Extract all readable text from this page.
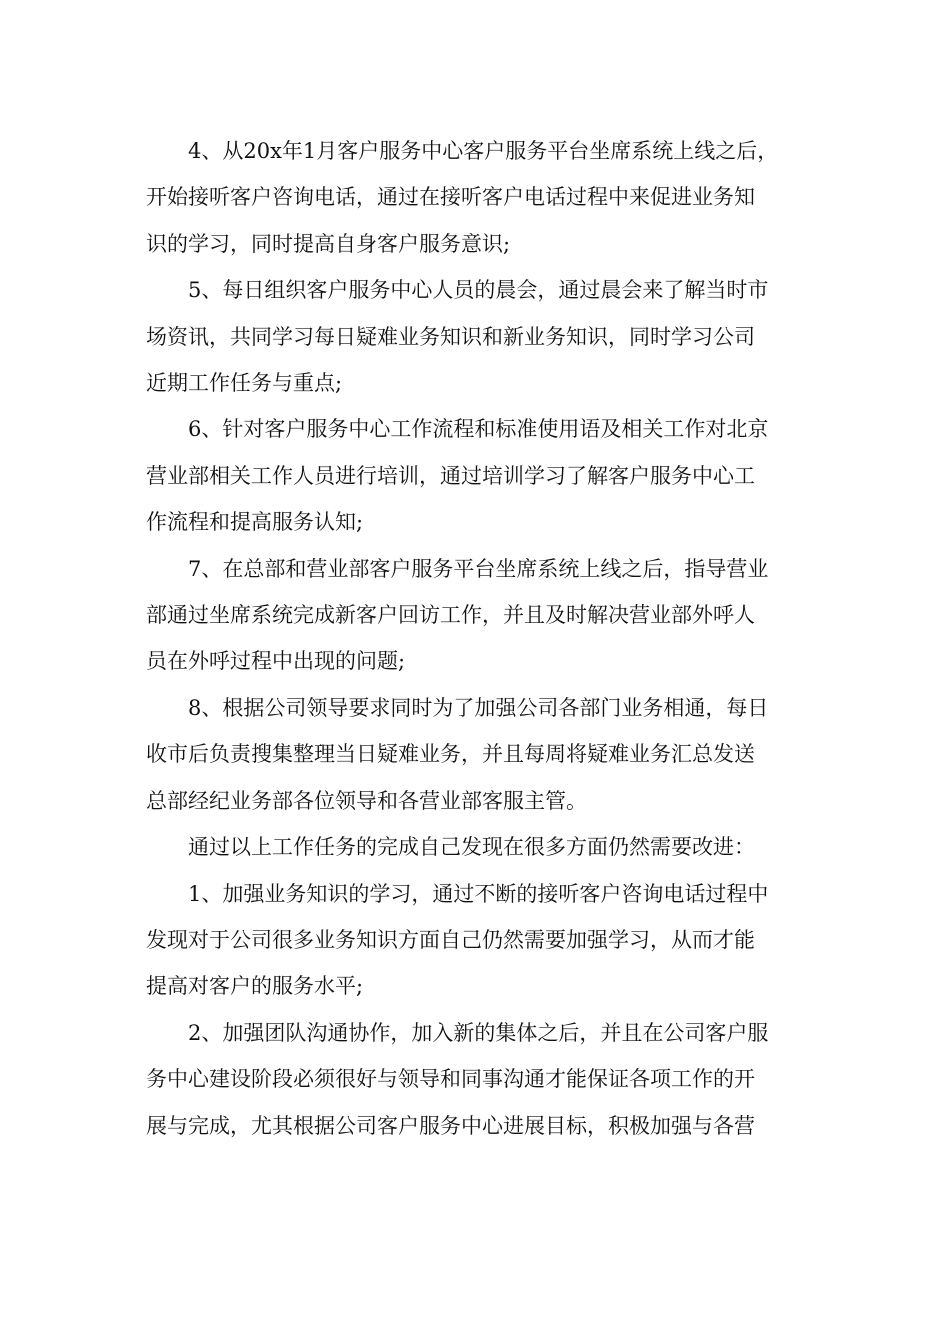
4、从20x年1月客户服务中心客户服务平台坐席系统上线之后，
开始接听客户咨询电话，通过在接听客户电话过程中来促进业务知
识的学习，同时提高自身客户服务意识;

5、每日组织客户服务中心人员的晨会，通过晨会来了解当时市
场资讯，共同学习每日疑难业务知识和新业务知识，同时学习公司
近期工作任务与重点;

6、针对客户服务中心工作流程和标准使用语及相关工作对北京
营业部相关工作人员进行培训，通过培训学习了解客户服务中心工
作流程和提高服务认知;

7、在总部和营业部客户服务平台坐席系统上线之后，指导营业
部通过坐席系统完成新客户回访工作，并且及时解决营业部外呼人
员在外呼过程中出现的问题;

8、根据公司领导要求同时为了加强公司各部门业务相通，每日
收市后负责搜集整理当日疑难业务，并且每周将疑难业务汇总发送
总部经纪业务部各位领导和各营业部客服主管。

通过以上工作任务的完成自己发现在很多方面仍然需要改进：

1、加强业务知识的学习，通过不断的接听客户咨询电话过程中
发现对于公司很多业务知识方面自己仍然需要加强学习，从而才能
提高对客户的服务水平;

2、加强团队沟通协作，加入新的集体之后，并且在公司客户服
务中心建设阶段必须很好与领导和同事沟通才能保证各项工作的开
展与完成，尤其根据公司客户服务中心进展目标，积极加强与各营
